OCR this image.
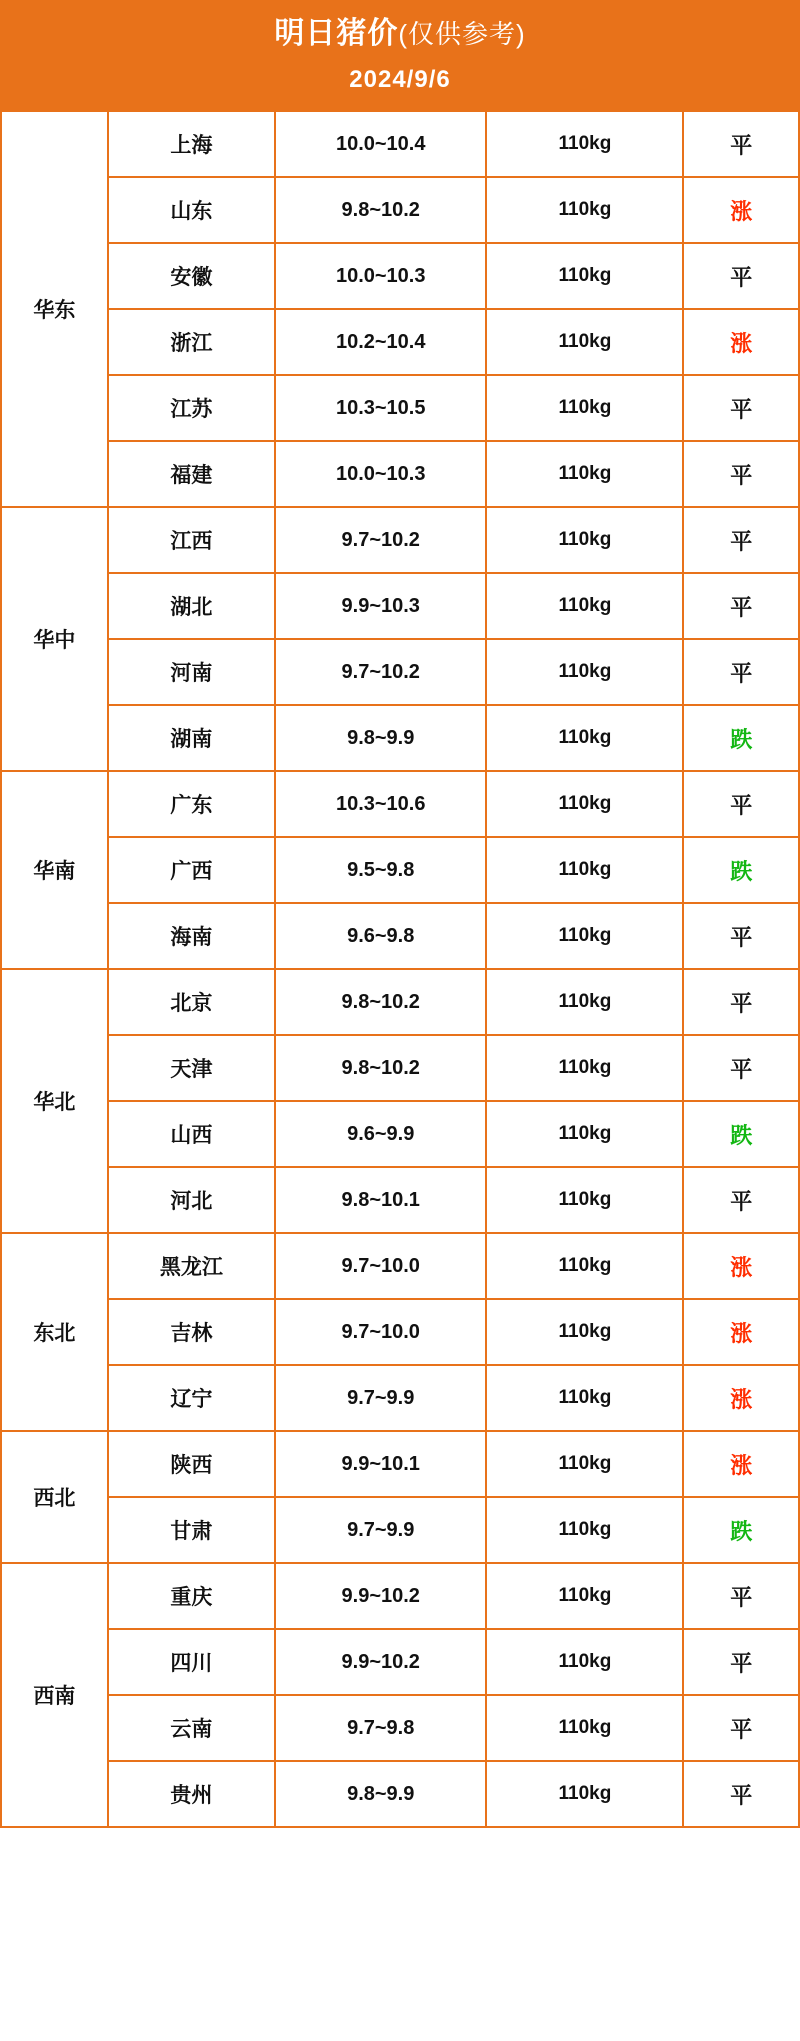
明日猪价(仅供参考)
2024/9/6
华东	上海	10.0~10.4	110kg	平
	山东	9.8~10.2	110kg	涨
	安徽	10.0~10.3	110kg	平
	浙江	10.2~10.4	110kg	涨
	江苏	10.3~10.5	110kg	平
	福建	10.0~10.3	110kg	平
华中	江西	9.7~10.2	110kg	平
	湖北	9.9~10.3	110kg	平
	河南	9.7~10.2	110kg	平
	湖南	9.8~9.9	110kg	跌
华南	广东	10.3~10.6	110kg	平
	广西	9.5~9.8	110kg	跌
	海南	9.6~9.8	110kg	平
华北	北京	9.8~10.2	110kg	平
	天津	9.8~10.2	110kg	平
	山西	9.6~9.9	110kg	跌
	河北	9.8~10.1	110kg	平
东北	黑龙江	9.7~10.0	110kg	涨
	吉林	9.7~10.0	110kg	涨
	辽宁	9.7~9.9	110kg	涨
西北	陕西	9.9~10.1	110kg	涨
	甘肃	9.7~9.9	110kg	跌
西南	重庆	9.9~10.2	110kg	平
	四川	9.9~10.2	110kg	平
	云南	9.7~9.8	110kg	平
	贵州	9.8~9.9	110kg	平
